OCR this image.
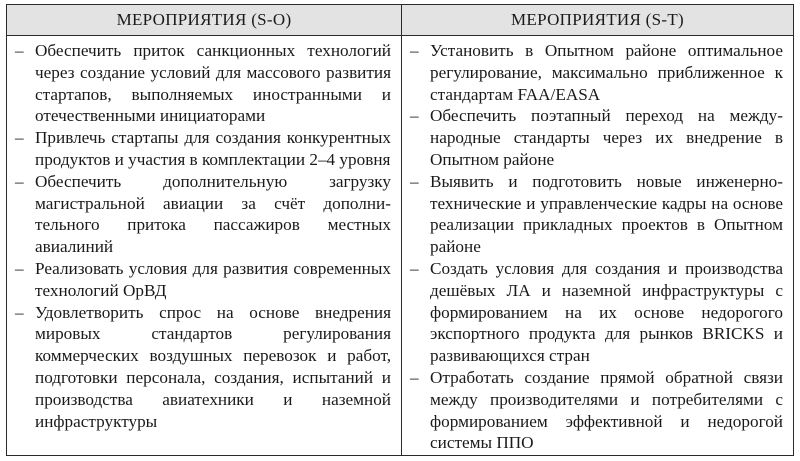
МЕРОПРИЯТИЯ (S-O)	МЕРОПРИЯТИЯ (S-T)
– Обеспечить приток санкционных технологий через создание условий для массового развития стартапов, выполняемых иностранными и отечественными инициаторами
– Привлечь стартапы для создания конкурентных продуктов и участия в комплектации 2–4 уровня
– Обеспечить дополнительную загрузку магистральной авиации за счёт дополнительного притока пассажиров местных авиалиний
– Реализовать условия для развития современных технологий ОрВД
– Удовлетворить спрос на основе внедрения мировых стандартов регулирования коммерческих воздушных перевозок и работ, подготовки персонала, создания, испытаний и производства авиатехники и наземной инфраструктуры
– Установить в Опытном районе оптимальное регулирование, максимально приближенное к стандартам FAA/EASA
– Обеспечить поэтапный переход на международные стандарты через их внедрение в Опытном районе
– Выявить и подготовить новые инженерно-технические и управленческие кадры на основе реализации прикладных проектов в Опытном районе
– Создать условия для создания и производства дешёвых ЛА и наземной инфраструктуры с формированием на их основе недорогого экспортного продукта для рынков BRICKS и развивающихся стран
– Отработать создание прямой обратной связи между производителями и потребителями с формированием эффективной и недорогой системы ППО
